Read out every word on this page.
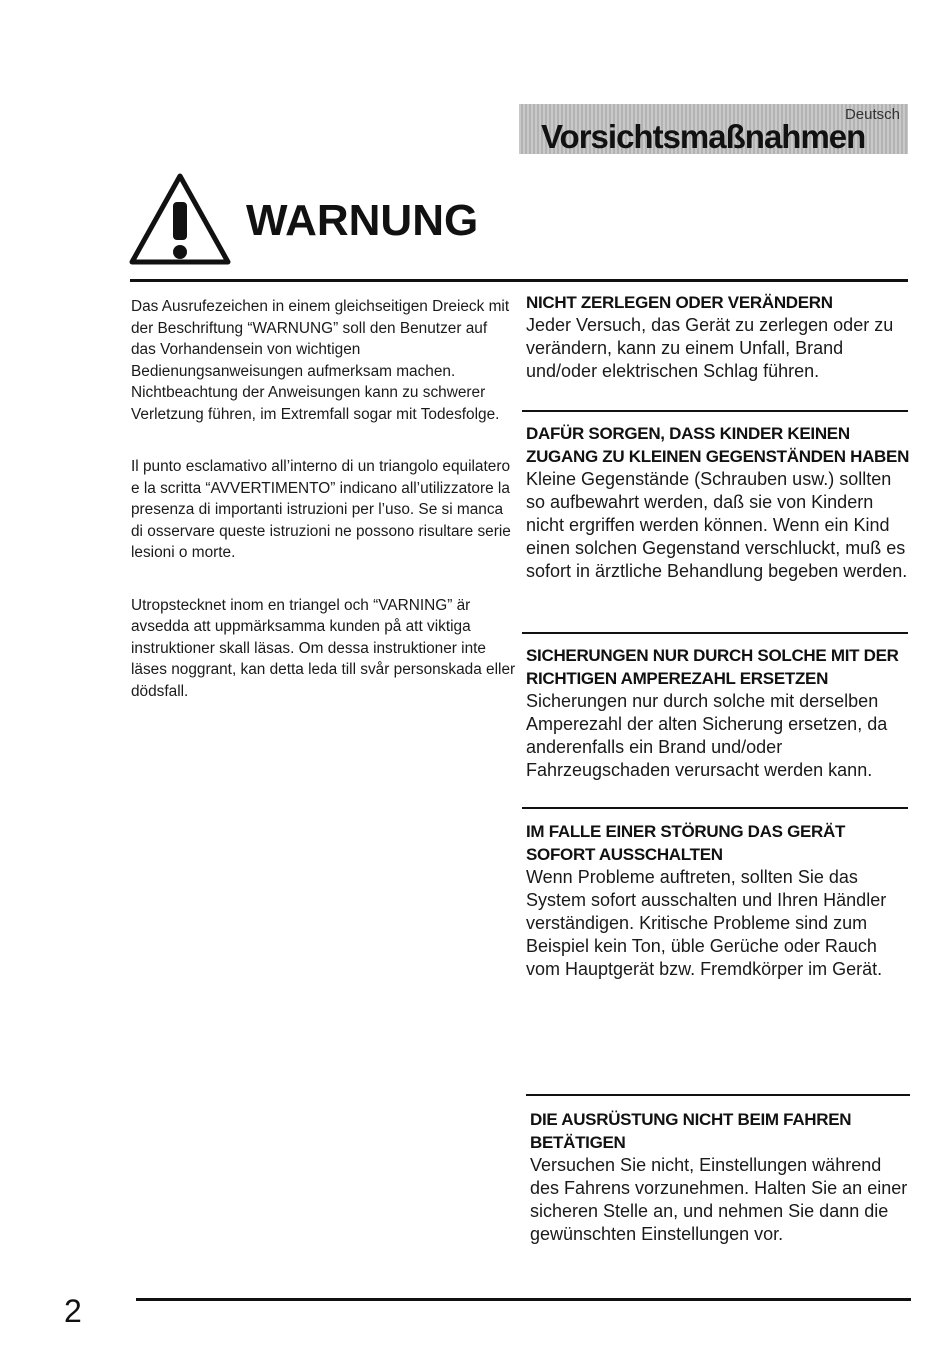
Deutsch
Vorsichtsmaßnahmen
WARNUNG

Das Ausrufezeichen in einem gleichseitigen Dreieck mit der Beschriftung “WARNUNG” soll den Benutzer auf das Vorhandensein von wichtigen Bedienungsanweisungen aufmerksam machen. Nichtbeachtung der Anweisungen kann zu schwerer Verletzung führen, im Extremfall sogar mit Todesfolge.

Il punto esclamativo all’interno di un triangolo equilatero e la scritta “AVVERTIMENTO” indicano all’utilizzatore la presenza di importanti istruzioni per l’uso. Se si manca di osservare queste istruzioni ne possono risultare serie lesioni o morte.

Utropstecknet inom en triangel och “VARNING” är avsedda att uppmärksamma kunden på att viktiga instruktioner skall läsas. Om dessa instruktioner inte läses noggrant, kan detta leda till svår personskada eller dödsfall.

NICHT ZERLEGEN ODER VERÄNDERN

Jeder Versuch, das Gerät zu zerlegen oder zu verändern, kann zu einem Unfall, Brand und/oder elektrischen Schlag führen.

DAFÜR SORGEN, DASS KINDER KEINEN ZUGANG ZU KLEINEN GEGENSTÄNDEN HABEN

Kleine Gegenstände (Schrauben usw.) sollten so aufbewahrt werden, daß sie von Kindern nicht ergriffen werden können. Wenn ein Kind einen solchen Gegenstand verschluckt, muß es sofort in ärztliche Behandlung begeben werden.

SICHERUNGEN NUR DURCH SOLCHE MIT DER RICHTIGEN AMPEREZAHL ERSETZEN

Sicherungen nur durch solche mit derselben Amperezahl der alten Sicherung ersetzen, da anderenfalls ein Brand und/oder Fahrzeugschaden verursacht werden kann.

IM FALLE EINER STÖRUNG DAS GERÄT SOFORT AUSSCHALTEN

Wenn Probleme auftreten, sollten Sie das System sofort ausschalten und Ihren Händler verständigen. Kritische Probleme sind zum Beispiel kein Ton, üble Gerüche oder Rauch vom Hauptgerät bzw. Fremdkörper im Gerät.

DIE AUSRÜSTUNG NICHT BEIM FAHREN BETÄTIGEN

Versuchen Sie nicht, Einstellungen während des Fahrens vorzunehmen. Halten Sie an einer sicheren Stelle an, und nehmen Sie dann die gewünschten Einstellungen vor.

2
